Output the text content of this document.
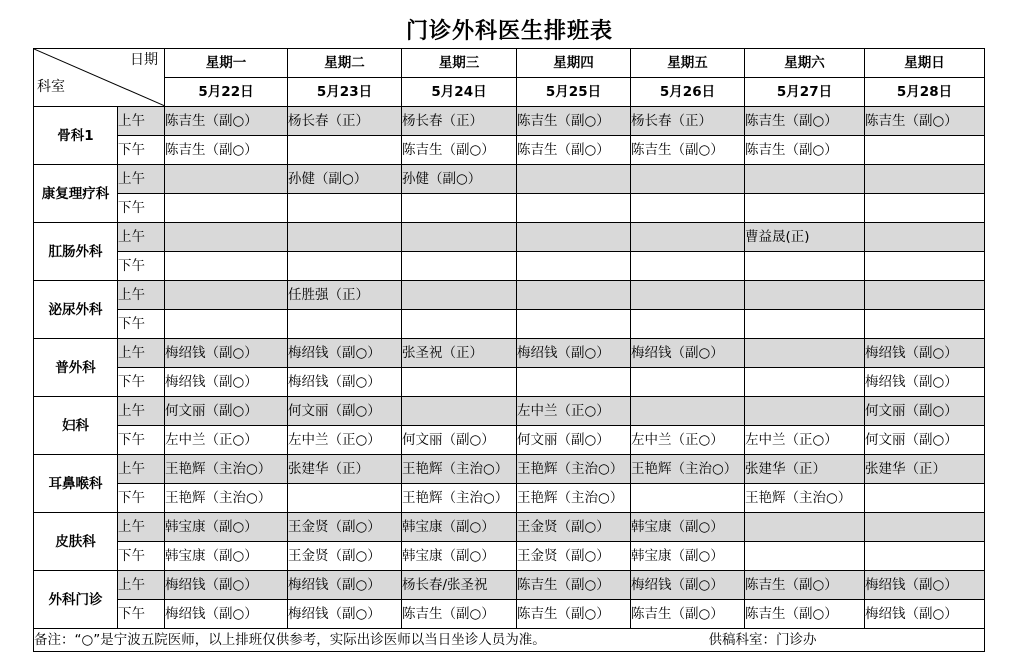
门诊外科医生排班表
日期
科室		星期一	星期二	星期三	星期四	星期五	星期六	星期日
		5月22日	5月23日	5月24日	5月25日	5月26日	5月27日	5月28日
骨科1	上午	陈吉生（副○）	杨长春（正）	杨长春（正）	陈吉生（副○）	杨长春（正）	陈吉生（副○）	陈吉生（副○）
	下午	陈吉生（副○）		陈吉生（副○）	陈吉生（副○）	陈吉生（副○）	陈吉生（副○）	
康复理疗科	上午		孙健（副○）	孙健（副○）				
	下午							
肛肠外科	上午						曹益晟(正)	
	下午							
泌尿外科	上午		任胜强（正）					
	下午							
普外科	上午	梅绍钱（副○）	梅绍钱（副○）	张圣祝（正）	梅绍钱（副○）	梅绍钱（副○）		梅绍钱（副○）
	下午	梅绍钱（副○）	梅绍钱（副○）					梅绍钱（副○）
妇科	上午	何文丽（副○）	何文丽（副○）		左中兰（正○）			何文丽（副○）
	下午	左中兰（正○）	左中兰（正○）	何文丽（副○）	何文丽（副○）	左中兰（正○）	左中兰（正○）	何文丽（副○）
耳鼻喉科	上午	王艳辉（主治○）	张建华（正）	王艳辉（主治○）	王艳辉（主治○）	王艳辉（主治○）	张建华（正）	张建华（正）
	下午	王艳辉（主治○）		王艳辉（主治○）	王艳辉（主治○）		王艳辉（主治○）	
皮肤科	上午	韩宝康（副○）	王金贤（副○）	韩宝康（副○）	王金贤（副○）	韩宝康（副○）		
	下午	韩宝康（副○）	王金贤（副○）	韩宝康（副○）	王金贤（副○）	韩宝康（副○）		
外科门诊	上午	梅绍钱（副○）	梅绍钱（副○）	杨长春/张圣祝	陈吉生（副○）	梅绍钱（副○）	陈吉生（副○）	梅绍钱（副○）
	下午	梅绍钱（副○）	梅绍钱（副○）	陈吉生（副○）	陈吉生（副○）	陈吉生（副○）	陈吉生（副○）	梅绍钱（副○）
备注：“○”是宁波五院医师，以上排班仅供参考，实际出诊医师以当日坐诊人员为准。 供稿科室：门诊办								
